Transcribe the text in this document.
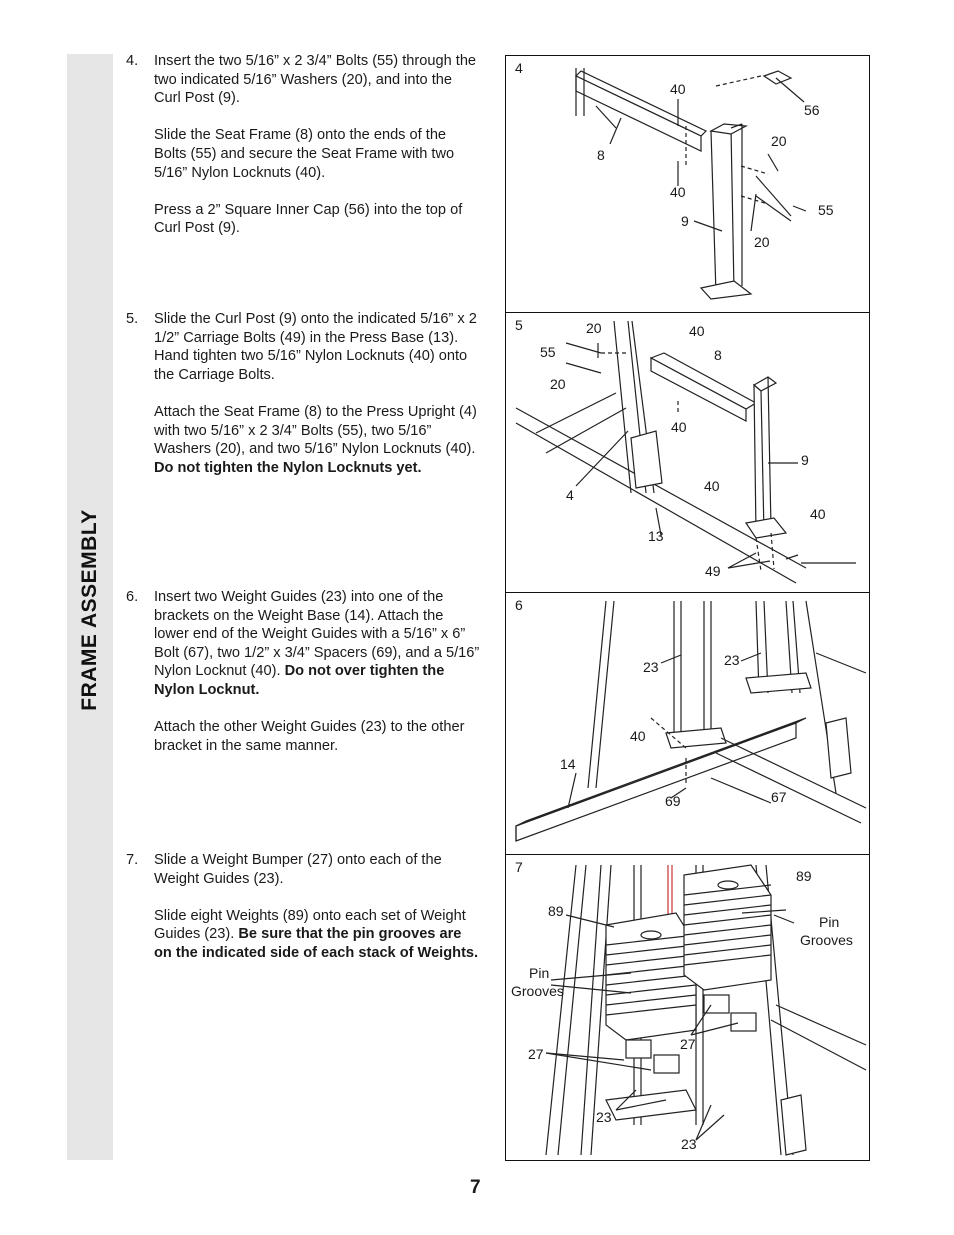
FRAME ASSEMBLY
4. Insert the two 5/16” x 2 3/4” Bolts (55) through the two indicated 5/16” Washers (20), and into the Curl Post (9).

Slide the Seat Frame (8) onto the ends of the Bolts (55) and secure the Seat Frame with two 5/16” Nylon Locknuts (40).

Press a 2” Square Inner Cap (56) into the top of Curl Post (9).

5. Slide the Curl Post (9) onto the indicated 5/16” x 2 1/2” Carriage Bolts (49) in the Press Base (13). Hand tighten two 5/16” Nylon Locknuts (40) onto the Carriage Bolts.

Attach the Seat Frame (8) to the Press Upright (4) with two 5/16” x 2 3/4” Bolts (55), two 5/16” Washers (20), and two 5/16” Nylon Locknuts (40). Do not tighten the Nylon Locknuts yet.

6. Insert two Weight Guides (23) into one of the brackets on the Weight Base (14). Attach the lower end of the Weight Guides with a 5/16” x 6” Bolt (67), two 1/2” x 3/4” Spacers (69), and a 5/16” Nylon Locknut (40). Do not over tighten the Nylon Locknut.

Attach the other Weight Guides (23) to the other bracket in the same manner.

7. Slide a Weight Bumper (27) onto each of the Weight Guides (23).

Slide eight Weights (89) onto each set of Weight Guides (23). Be sure that the pin grooves are on the indicated side of each stack of Weights.

4
40
56
8
20
40
55
9
20
5	20	40
55	8
20
40
9
4
40
40
13
49
6
23	23
40
14
69	67
7
89
89
Pin
Grooves
Pin
Grooves
27
27
23
23
7
